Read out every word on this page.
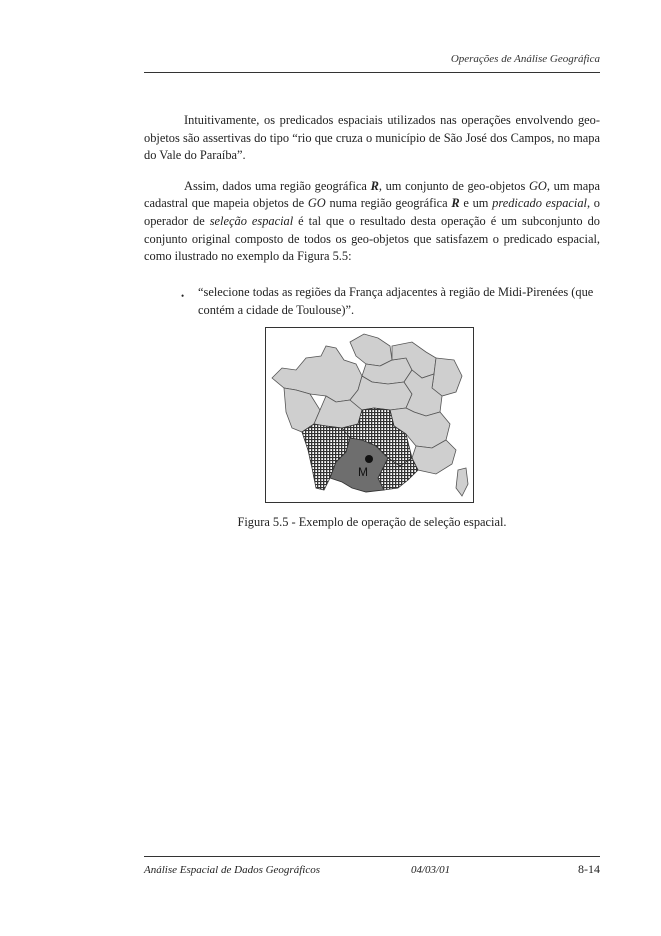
Operações de Análise Geográfica

Intuitivamente, os predicados espaciais utilizados nas operações envolvendo geo-objetos são assertivas do tipo “rio que cruza o município de São José dos Campos, no mapa do Vale do Paraíba”.

Assim, dados uma região geográfica R, um conjunto de geo-objetos GO, um mapa cadastral que mapeia objetos de GO numa região geográfica R e um predicado espacial, o operador de seleção espacial é tal que o resultado desta operação é um subconjunto do conjunto original composto de todos os geo-objetos que satisfazem o predicado espacial, como ilustrado no exemplo da Figura 5.5:

• “selecione todas as regiões da França adjacentes à região de Midi-Pirenées (que contém a cidade de Toulouse)”.
M
Figura 5.5 - Exemplo de operação de seleção espacial.
Análise Espacial de Dados Geográficos	04/03/01	8-14
